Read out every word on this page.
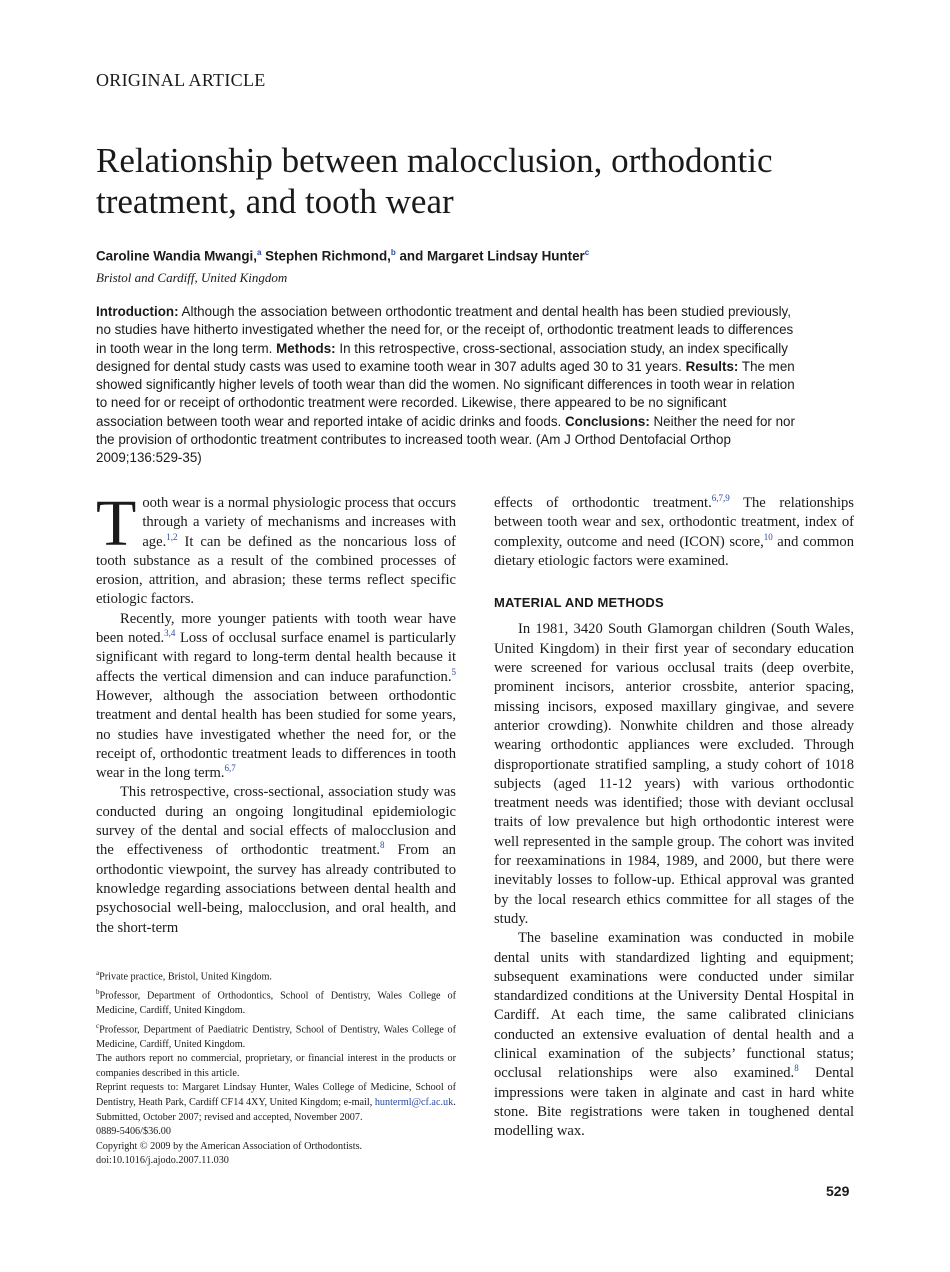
ORIGINAL ARTICLE
Relationship between malocclusion, orthodontic treatment, and tooth wear
Caroline Wandia Mwangi,$^a$ Stephen Richmond,$^b$ and Margaret Lindsay Hunter$^c$
Bristol and Cardiff, United Kingdom

Introduction: Although the association between orthodontic treatment and dental health has been studied previously, no studies have hitherto investigated whether the need for, or the receipt of, orthodontic treatment leads to differences in tooth wear in the long term. Methods: In this retrospective, cross-sectional, association study, an index specifically designed for dental study casts was used to examine tooth wear in 307 adults aged 30 to 31 years. Results: The men showed significantly higher levels of tooth wear than did the women. No significant differences in tooth wear in relation to need for or receipt of orthodontic treatment were recorded. Likewise, there appeared to be no significant association between tooth wear and reported intake of acidic drinks and foods. Conclusions: Neither the need for nor the provision of orthodontic treatment contributes to increased tooth wear. (Am J Orthod Dentofacial Orthop 2009;136:529-35)

Tooth wear is a normal physiologic process that occurs through a variety of mechanisms and increases with age.$^{1,2}$ It can be defined as the noncarious loss of tooth substance as a result of the combined processes of erosion, attrition, and abrasion; these terms reflect specific etiologic factors.

Recently, more younger patients with tooth wear have been noted.$^{3,4}$ Loss of occlusal surface enamel is particularly significant with regard to long-term dental health because it affects the vertical dimension and can induce parafunction.$^5$ However, although the association between orthodontic treatment and dental health has been studied for some years, no studies have investigated whether the need for, or the receipt of, orthodontic treatment leads to differences in tooth wear in the long term.$^{6,7}$

This retrospective, cross-sectional, association study was conducted during an ongoing longitudinal epidemiologic survey of the dental and social effects of malocclusion and the effectiveness of orthodontic treatment.$^8$ From an orthodontic viewpoint, the survey has already contributed to knowledge regarding associations between dental health and psychosocial well-being, malocclusion, and oral health, and the short-term

effects of orthodontic treatment.$^{6,7,9}$ The relationships between tooth wear and sex, orthodontic treatment, index of complexity, outcome and need (ICON) score,$^{10}$ and common dietary etiologic factors were examined.

MATERIAL AND METHODS

In 1981, 3420 South Glamorgan children (South Wales, United Kingdom) in their first year of secondary education were screened for various occlusal traits (deep overbite, prominent incisors, anterior crossbite, anterior spacing, missing incisors, exposed maxillary gingivae, and severe anterior crowding). Nonwhite children and those already wearing orthodontic appliances were excluded. Through disproportionate stratified sampling, a study cohort of 1018 subjects (aged 11-12 years) with various orthodontic treatment needs was identified; those with deviant occlusal traits of low prevalence but high orthodontic interest were well represented in the sample group. The cohort was invited for reexaminations in 1984, 1989, and 2000, but there were inevitably losses to follow-up. Ethical approval was granted by the local research ethics committee for all stages of the study.

The baseline examination was conducted in mobile dental units with standardized lighting and equipment; subsequent examinations were conducted under similar standardized conditions at the University Dental Hospital in Cardiff. At each time, the same calibrated clinicians conducted an extensive evaluation of dental health and a clinical examination of the subjects’ functional status; occlusal relationships were also examined.$^8$ Dental impressions were taken in alginate and cast in hard white stone. Bite registrations were taken in toughened dental modelling wax.

$^a$Private practice, Bristol, United Kingdom.
$^b$Professor, Department of Orthodontics, School of Dentistry, Wales College of Medicine, Cardiff, United Kingdom.
$^c$Professor, Department of Paediatric Dentistry, School of Dentistry, Wales College of Medicine, Cardiff, United Kingdom.
The authors report no commercial, proprietary, or financial interest in the products or companies described in this article.
Reprint requests to: Margaret Lindsay Hunter, Wales College of Medicine, School of Dentistry, Heath Park, Cardiff CF14 4XY, United Kingdom; e-mail, hunterml@cf.ac.uk.
Submitted, October 2007; revised and accepted, November 2007.
0889-5406/$36.00
Copyright © 2009 by the American Association of Orthodontists.
doi:10.1016/j.ajodo.2007.11.030
529
